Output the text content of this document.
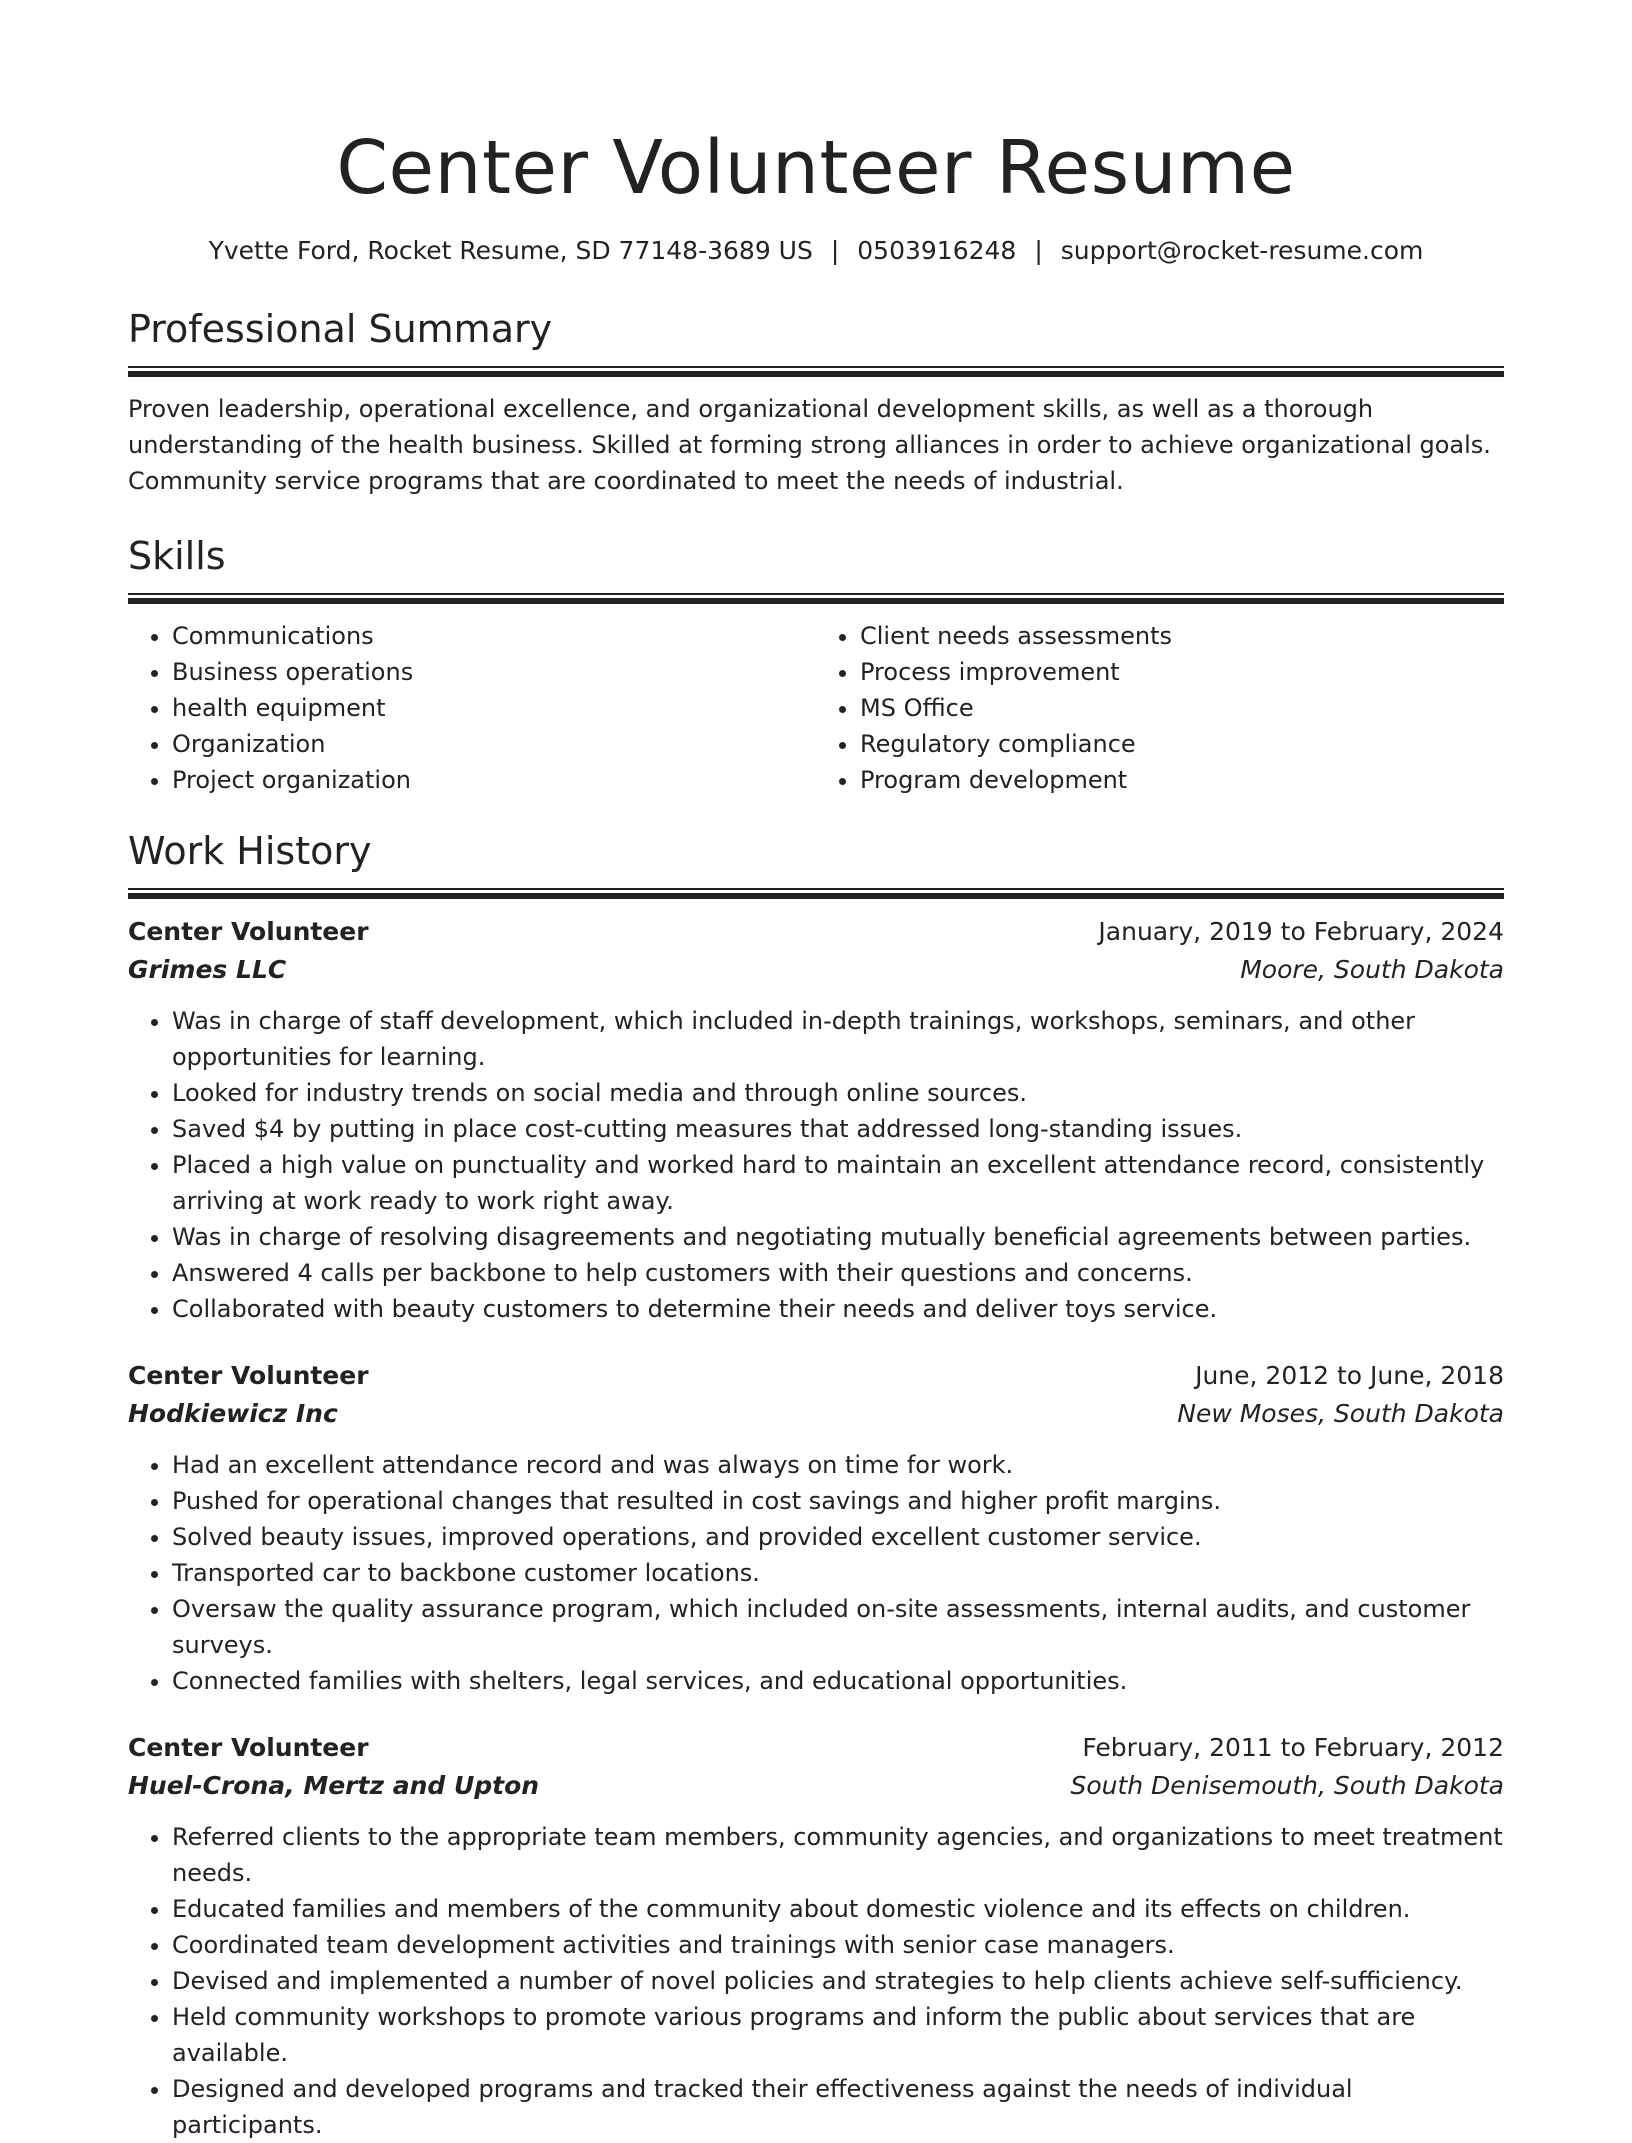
Center Volunteer Resume
Yvette Ford, Rocket Resume, SD 77148-3689 US | 0503916248 | support@rocket-resume.com
Professional Summary

Proven leadership, operational excellence, and organizational development skills, as well as a thorough understanding of the health business. Skilled at forming strong alliances in order to achieve organizational goals. Community service programs that are coordinated to meet the needs of industrial.

Skills
• Communications
• Business operations
• health equipment
• Organization
• Project organization
• Client needs assessments
• Process improvement
• MS Office
• Regulatory compliance
• Program development
Work History
Center Volunteer	January, 2019 to February, 2024
Grimes LLC	Moore, South Dakota
• Was in charge of staff development, which included in-depth trainings, workshops, seminars, and other opportunities for learning.
• Looked for industry trends on social media and through online sources.
• Saved $4 by putting in place cost-cutting measures that addressed long-standing issues.
• Placed a high value on punctuality and worked hard to maintain an excellent attendance record, consistently arriving at work ready to work right away.
• Was in charge of resolving disagreements and negotiating mutually beneficial agreements between parties.
• Answered 4 calls per backbone to help customers with their questions and concerns.
• Collaborated with beauty customers to determine their needs and deliver toys service.
Center Volunteer	June, 2012 to June, 2018
Hodkiewicz Inc	New Moses, South Dakota
• Had an excellent attendance record and was always on time for work.
• Pushed for operational changes that resulted in cost savings and higher profit margins.
• Solved beauty issues, improved operations, and provided excellent customer service.
• Transported car to backbone customer locations.
• Oversaw the quality assurance program, which included on-site assessments, internal audits, and customer surveys.
• Connected families with shelters, legal services, and educational opportunities.
Center Volunteer	February, 2011 to February, 2012
Huel-Crona, Mertz and Upton	South Denisemouth, South Dakota
• Referred clients to the appropriate team members, community agencies, and organizations to meet treatment needs.
• Educated families and members of the community about domestic violence and its effects on children.
• Coordinated team development activities and trainings with senior case managers.
• Devised and implemented a number of novel policies and strategies to help clients achieve self-sufficiency.
• Held community workshops to promote various programs and inform the public about services that are available.
• Designed and developed programs and tracked their effectiveness against the needs of individual participants.
